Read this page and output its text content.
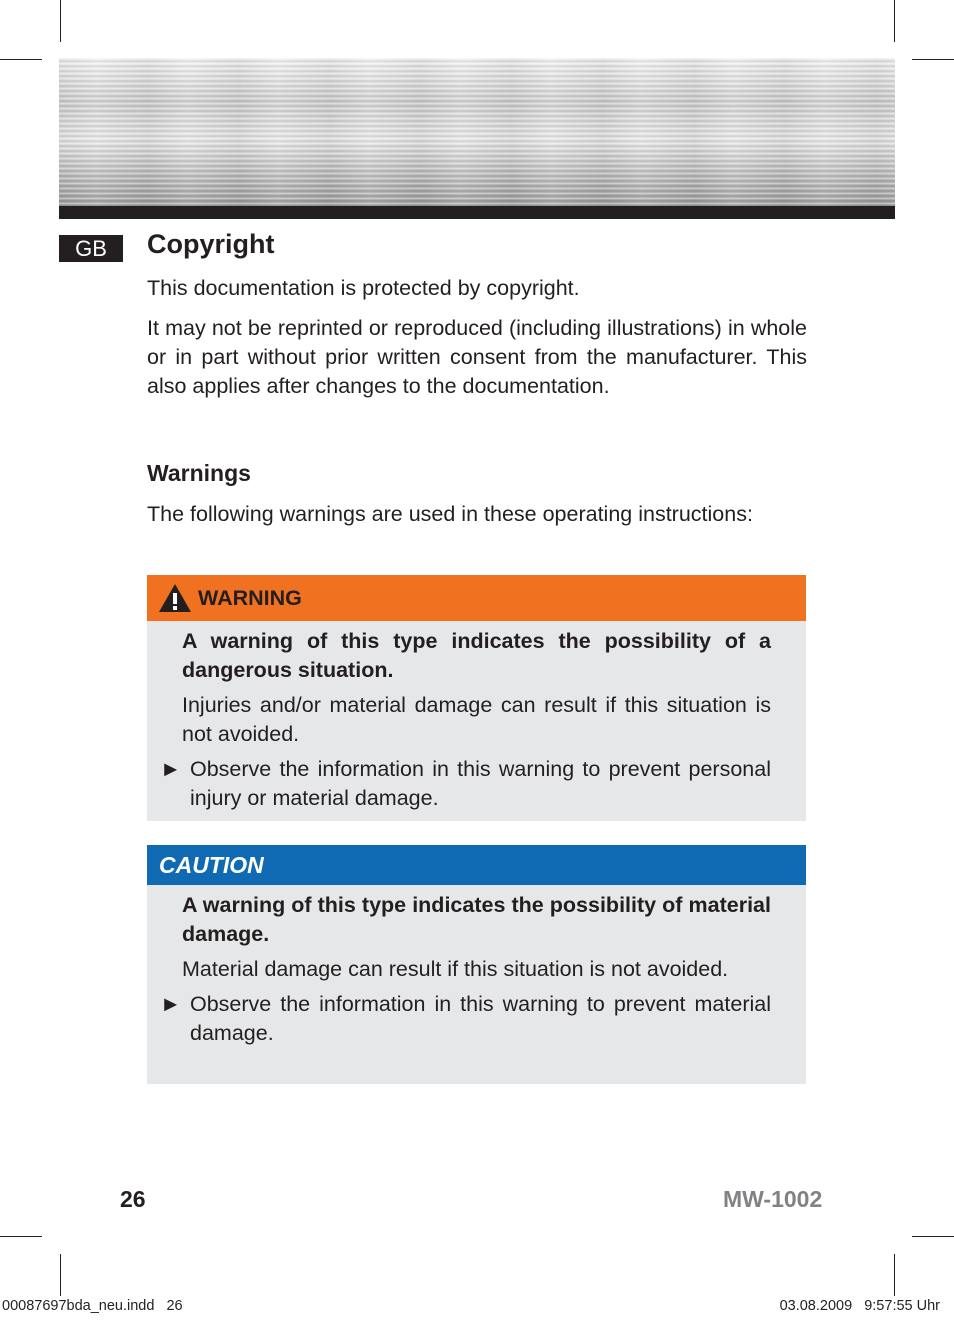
GB	Copyright
This documentation is protected by copyright.
It may not be reprinted or reproduced (including illustrations) in whole or in part without prior written consent from the manufacturer. This also applies after changes to the documentation.
Warnings
The following warnings are used in these operating instructions:
WARNING

A warning of this type indicates the possibility of a dangerous situation.

Injuries and/or material damage can result if this situation is not avoided.

► Observe the information in this warning to prevent personal injury or material damage.
CAUTION

A warning of this type indicates the possibility of material damage.

Material damage can result if this situation is not avoided.

► Observe the information in this warning to prevent material damage.
26	MW-1002
00087697bda_neu.indd   26	03.08.2009   9:57:55 Uhr
